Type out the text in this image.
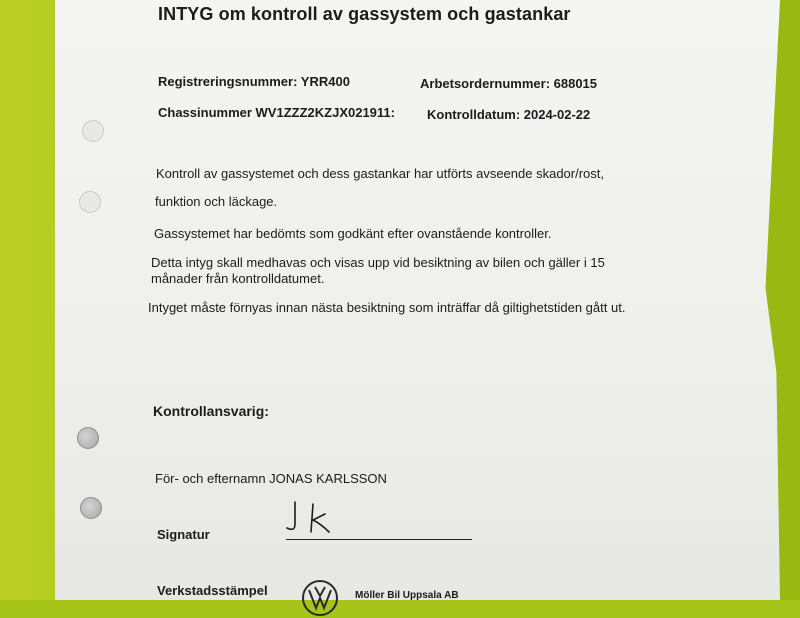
INTYG om kontroll av gassystem och gastankar
Registreringsnummer: YRR400	Arbetsordernummer: 688015
Chassinummer WV1ZZZ2KZJX021911: Kontrolldatum: 2024-02-22
Kontroll av gassystemet och dess gastankar har utförts avseende skador/rost,
funktion och läckage.
Gassystemet har bedömts som godkänt efter ovanstående kontroller.
Detta intyg skall medhavas och visas upp vid besiktning av bilen och gäller i 15
månader från kontrolldatumet.
Intyget måste förnyas innan nästa besiktning som inträffar då giltighetstiden gått ut.
Kontrollansvarig:
För- och efternamn JONAS KARLSSON
Signatur
Verkstadsstämpel	Möller Bil Uppsala AB
